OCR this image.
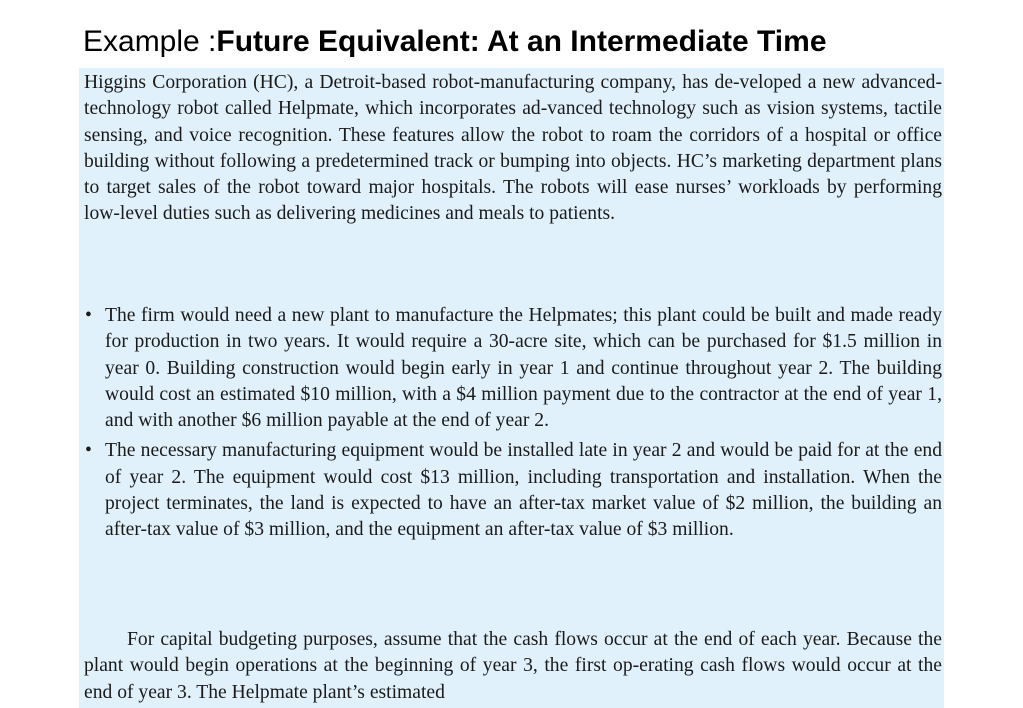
Example :Future Equivalent: At an Intermediate Time

Higgins Corporation (HC), a Detroit-based robot-manufacturing company, has de-veloped a new advanced-technology robot called Helpmate, which incorporates ad-vanced technology such as vision systems, tactile sensing, and voice recognition. These features allow the robot to roam the corridors of a hospital or office building without following a predetermined track or bumping into objects. HC’s marketing department plans to target sales of the robot toward major hospitals. The robots will ease nurses’ workloads by performing low-level duties such as delivering medicines and meals to patients.

• The firm would need a new plant to manufacture the Helpmates; this plant could be built and made ready for production in two years. It would require a 30-acre site, which can be purchased for $1.5 million in year 0. Building construction would begin early in year 1 and continue throughout year 2. The building would cost an estimated $10 million, with a $4 million payment due to the contractor at the end of year 1, and with another $6 million payable at the end of year 2.
• The necessary manufacturing equipment would be installed late in year 2 and would be paid for at the end of year 2. The equipment would cost $13 million, including transportation and installation. When the project terminates, the land is expected to have an after-tax market value of $2 million, the building an after-tax value of $3 million, and the equipment an after-tax value of $3 million.

For capital budgeting purposes, assume that the cash flows occur at the end of each year. Because the plant would begin operations at the beginning of year 3, the first op-erating cash flows would occur at the end of year 3. The Helpmate plant’s estimated
